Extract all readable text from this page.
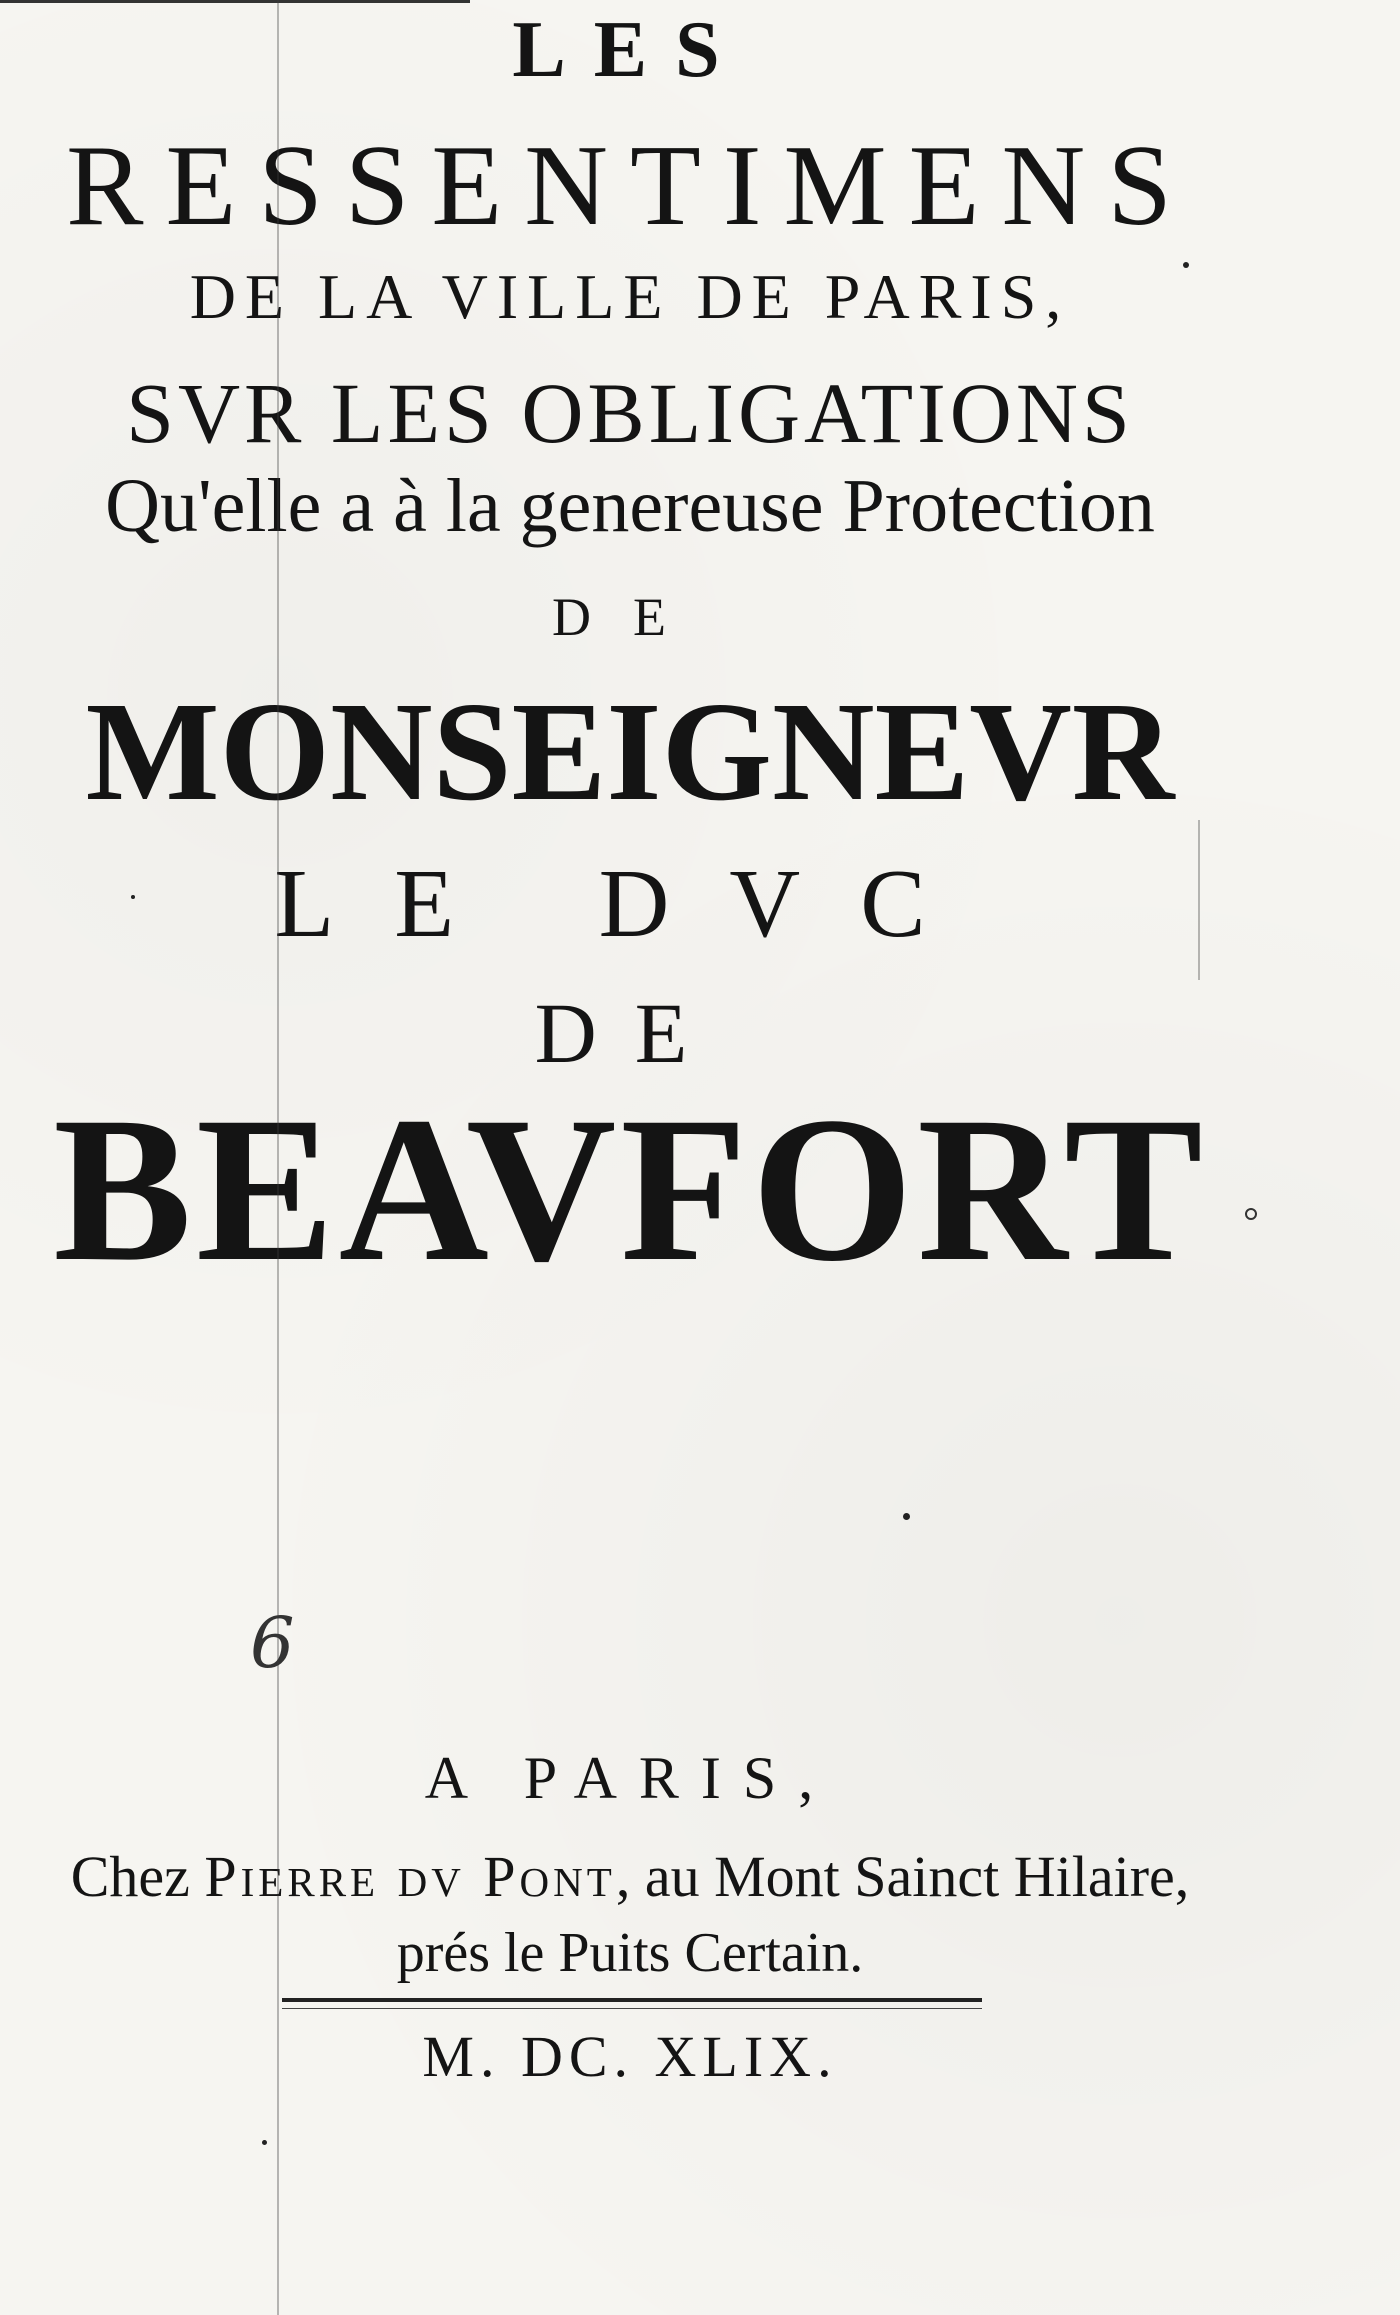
LES
RESSENTIMENS
DE LA VILLE DE PARIS,
SVR LES OBLIGATIONS
Qu'elle a à la genereuse Protection
DE
MONSEIGNEVR
LE DVC
DE
BEAVFORT
6
A PARIS,
Chez Pierre dv Pont, au Mont Sainct Hilaire,
prés le Puits Certain.
M. DC. XLIX.
